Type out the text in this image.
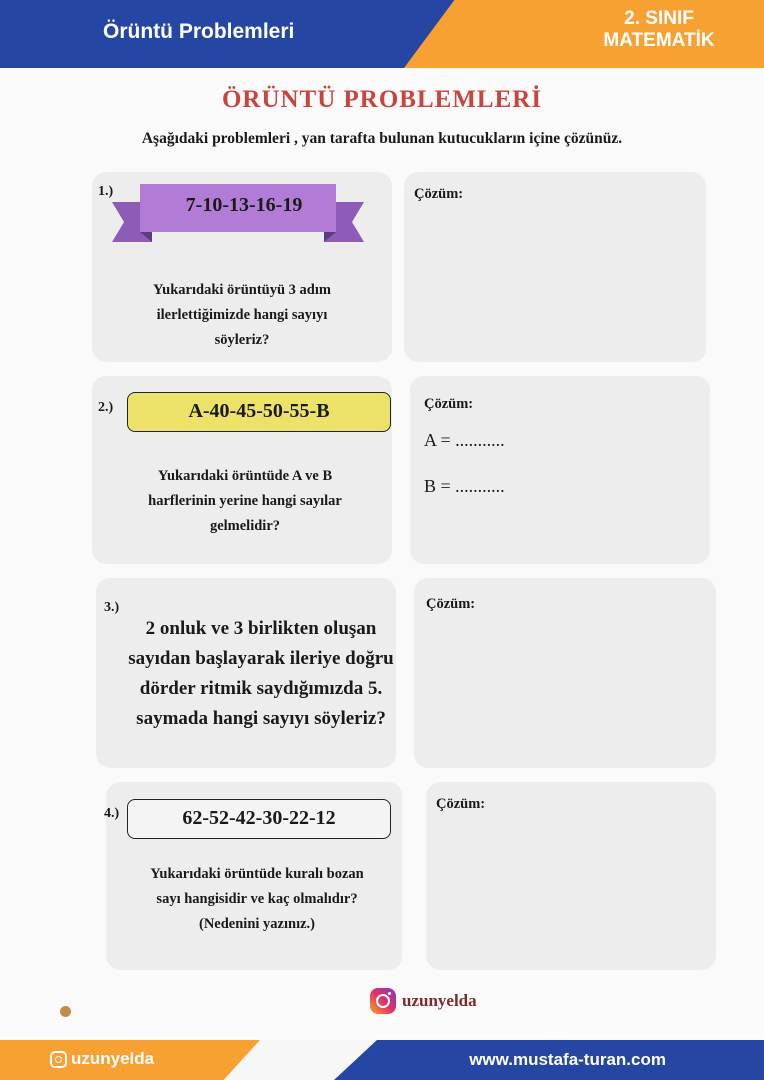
Örüntü Problemleri
2. SINIF
MATEMATİK
ÖRÜNTÜ PROBLEMLERİ
Aşağıdaki problemleri , yan tarafta bulunan kutucukların içine çözünüz.
1.)
7-10-13-16-19
Yukarıdaki örüntüyü 3 adım
ilerlettiğimizde hangi sayıyı
söyleriz?
Çözüm:
2.)	A-40-45-50-55-B
Yukarıdaki örüntüde A ve B
harflerinin yerine hangi sayılar
gelmelidir?
Çözüm:
A = ...........
B = ...........
3.)
2 onluk ve 3 birlikten oluşan
sayıdan başlayarak ileriye doğru
dörder ritmik saydığımızda 5.
saymada hangi sayıyı söyleriz?
Çözüm:
4.)	62-52-42-30-22-12
Yukarıdaki örüntüde kuralı bozan
sayı hangisidir ve kaç olmalıdır?
(Nedenini yazınız.)
Çözüm:
uzunyelda
uzunyelda	www.mustafa-turan.com
